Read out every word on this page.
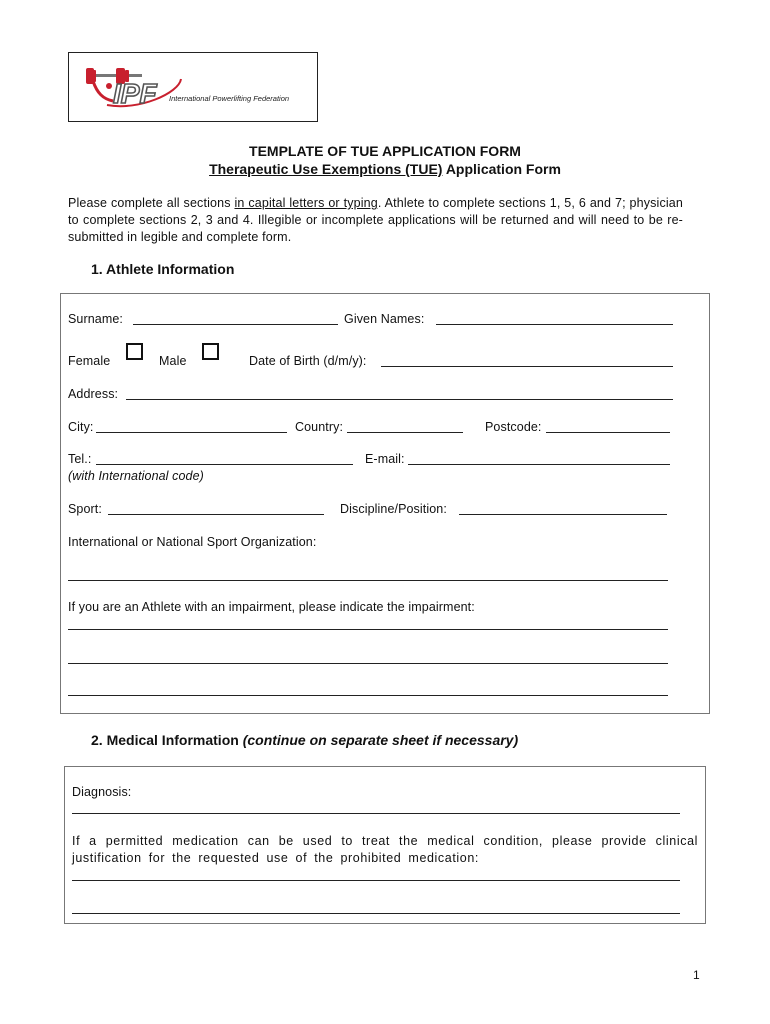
IPF International Powerlifting Federation
TEMPLATE OF TUE APPLICATION FORM
Therapeutic Use Exemptions (TUE) Application Form
Please complete all sections in capital letters or typing. Athlete to complete sections 1, 5, 6 and 7; physician to complete sections 2, 3 and 4. Illegible or incomplete applications will be returned and will need to be re-submitted in legible and complete form.
1. Athlete Information
Surname:	Given Names:
Female	Male	Date of Birth (d/m/y):
Address:
City:	Country:	Postcode:
Tel.:	E-mail:
(with International code)
Sport:	Discipline/Position:
International or National Sport Organization:
If you are an Athlete with an impairment, please indicate the impairment:
2. Medical Information (continue on separate sheet if necessary)
Diagnosis:
If a permitted medication can be used to treat the medical condition, please provide clinical justification for the requested use of the prohibited medication:
1
